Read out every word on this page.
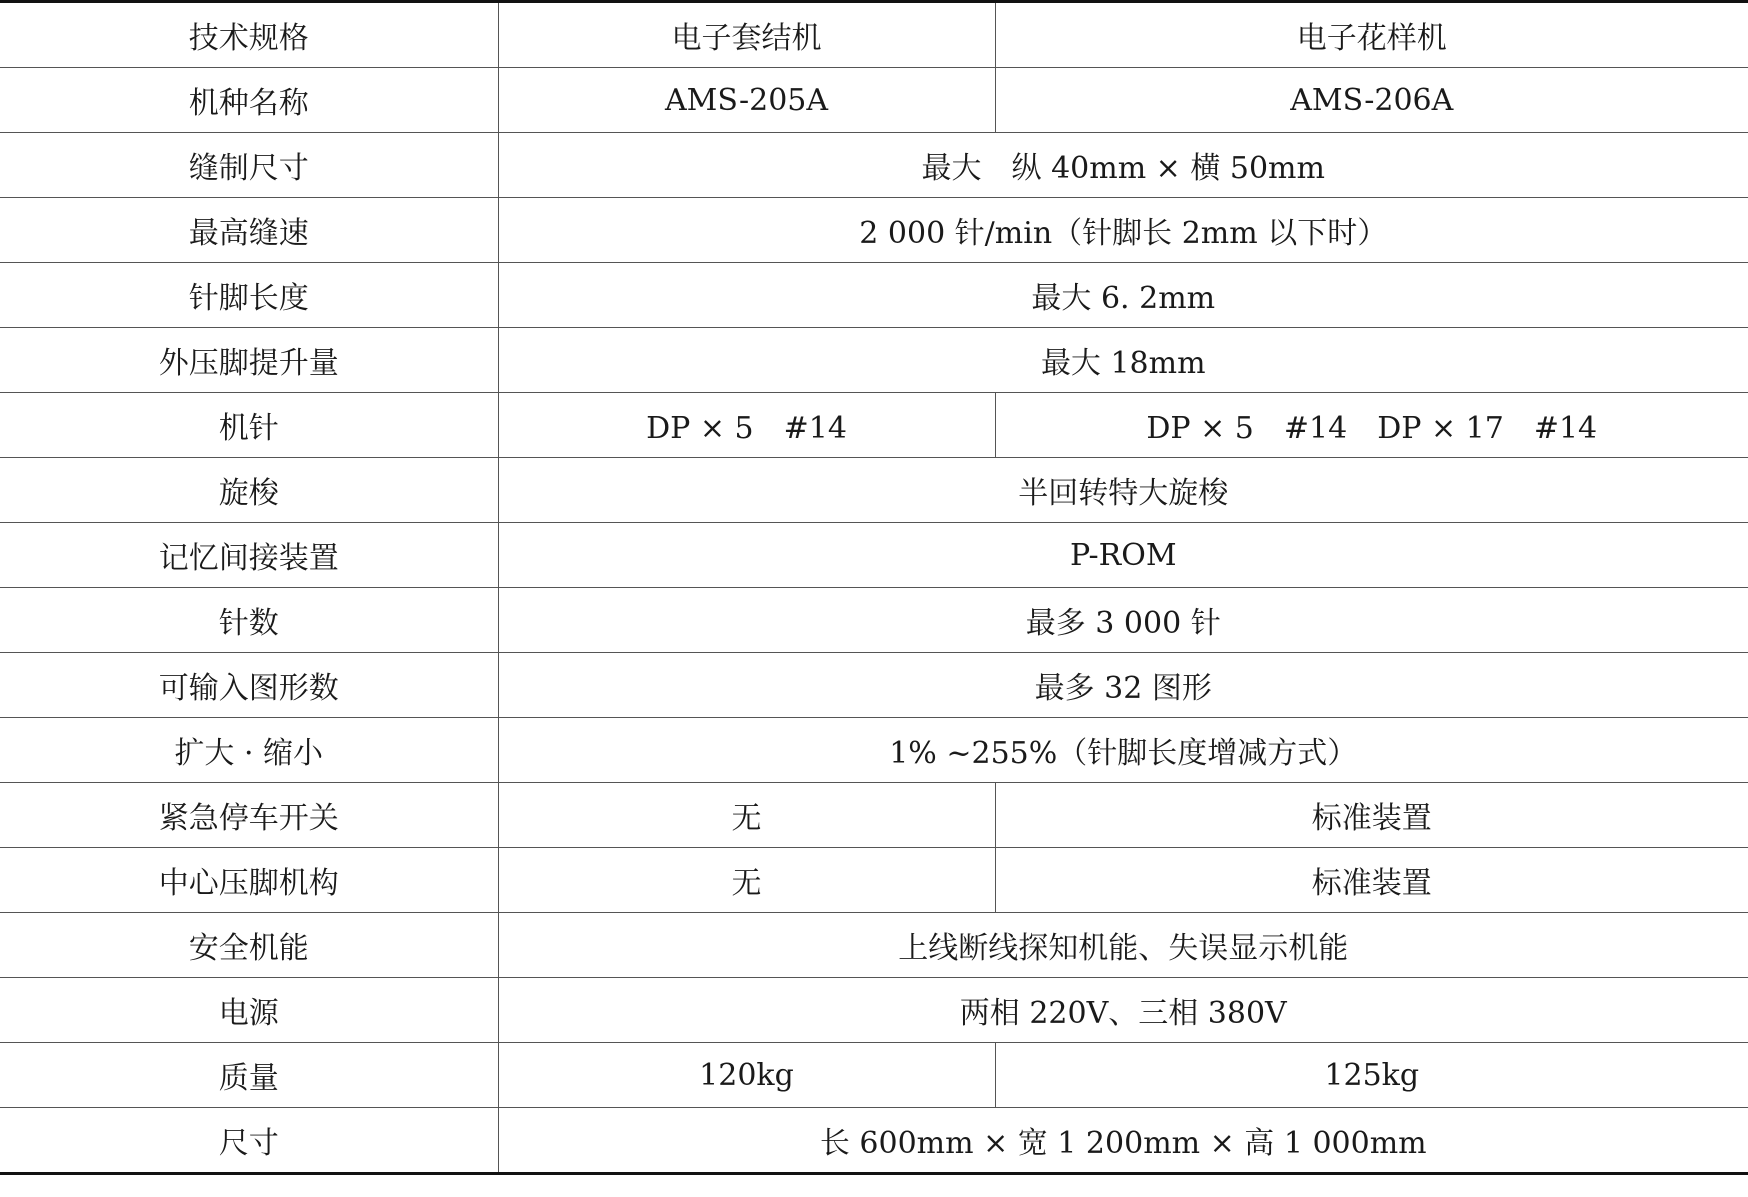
技术规格	电子套结机	电子花样机
机种名称	AMS-205A	AMS-206A
缝制尺寸	最大　纵 40mm × 横 50mm	
最高缝速	2 000 针/min（针脚长 2mm 以下时）	
针脚长度	最大 6. 2mm	
外压脚提升量	最大 18mm	
机针	DP × 5　#14	DP × 5　#14　DP × 17　#14
旋梭	半回转特大旋梭	
记忆间接装置	P-ROM	
针数	最多 3 000 针	
可输入图形数	最多 32 图形	
扩大 · 缩小	1% ~255%（针脚长度增减方式）	
紧急停车开关	无	标准装置
中心压脚机构	无	标准装置
安全机能	上线断线探知机能、失误显示机能	
电源	两相 220V、三相 380V	
质量	120kg	125kg
尺寸	长 600mm × 宽 1 200mm × 高 1 000mm	
